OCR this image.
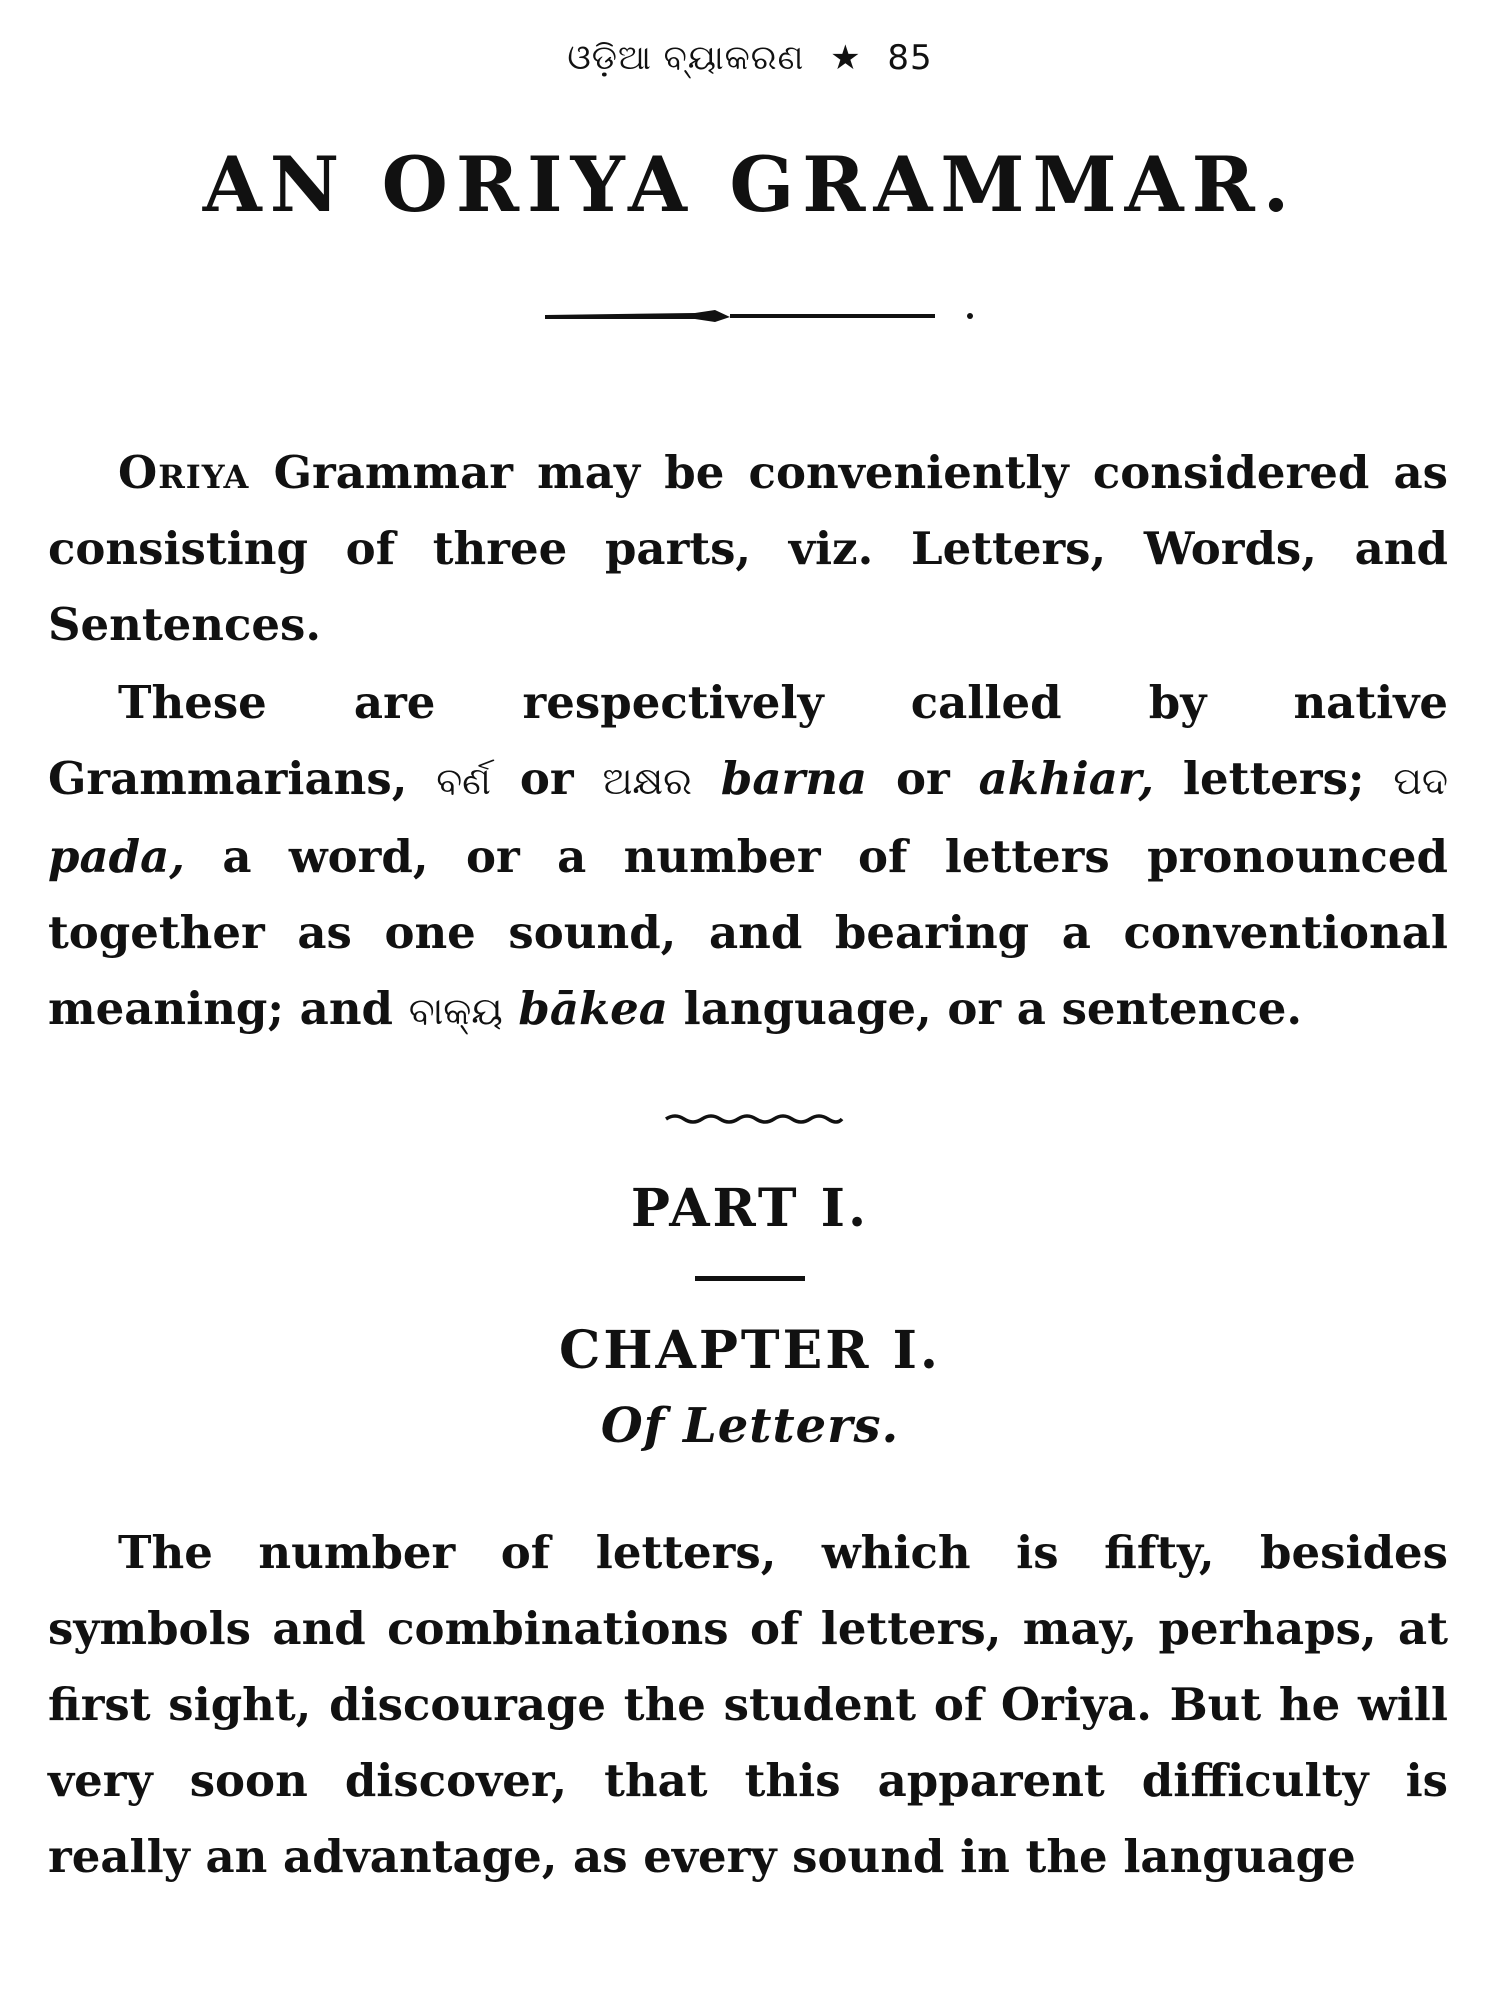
ଓଡ଼ିଆ ବ୍ୟାକରଣ ★ 85
AN ORIYA GRAMMAR.

Oriya Grammar may be conveniently considered as consisting of three parts, viz. Letters, Words, and Sentences.

These are respectively called by native Grammarians, ବର୍ଣ or ଅକ୍ଷର barna or akhiar, letters; ପଦ pada, a word, or a number of letters pronounced together as one sound, and bearing a conventional meaning; and ବାକ୍ୟ bākea language, or a sentence.

PART I.
CHAPTER I.
Of Letters.

The number of letters, which is fifty, besides symbols and combinations of letters, may, perhaps, at first sight, discourage the student of Oriya. But he will very soon discover, that this apparent difficulty is really an advantage, as every sound in the language
